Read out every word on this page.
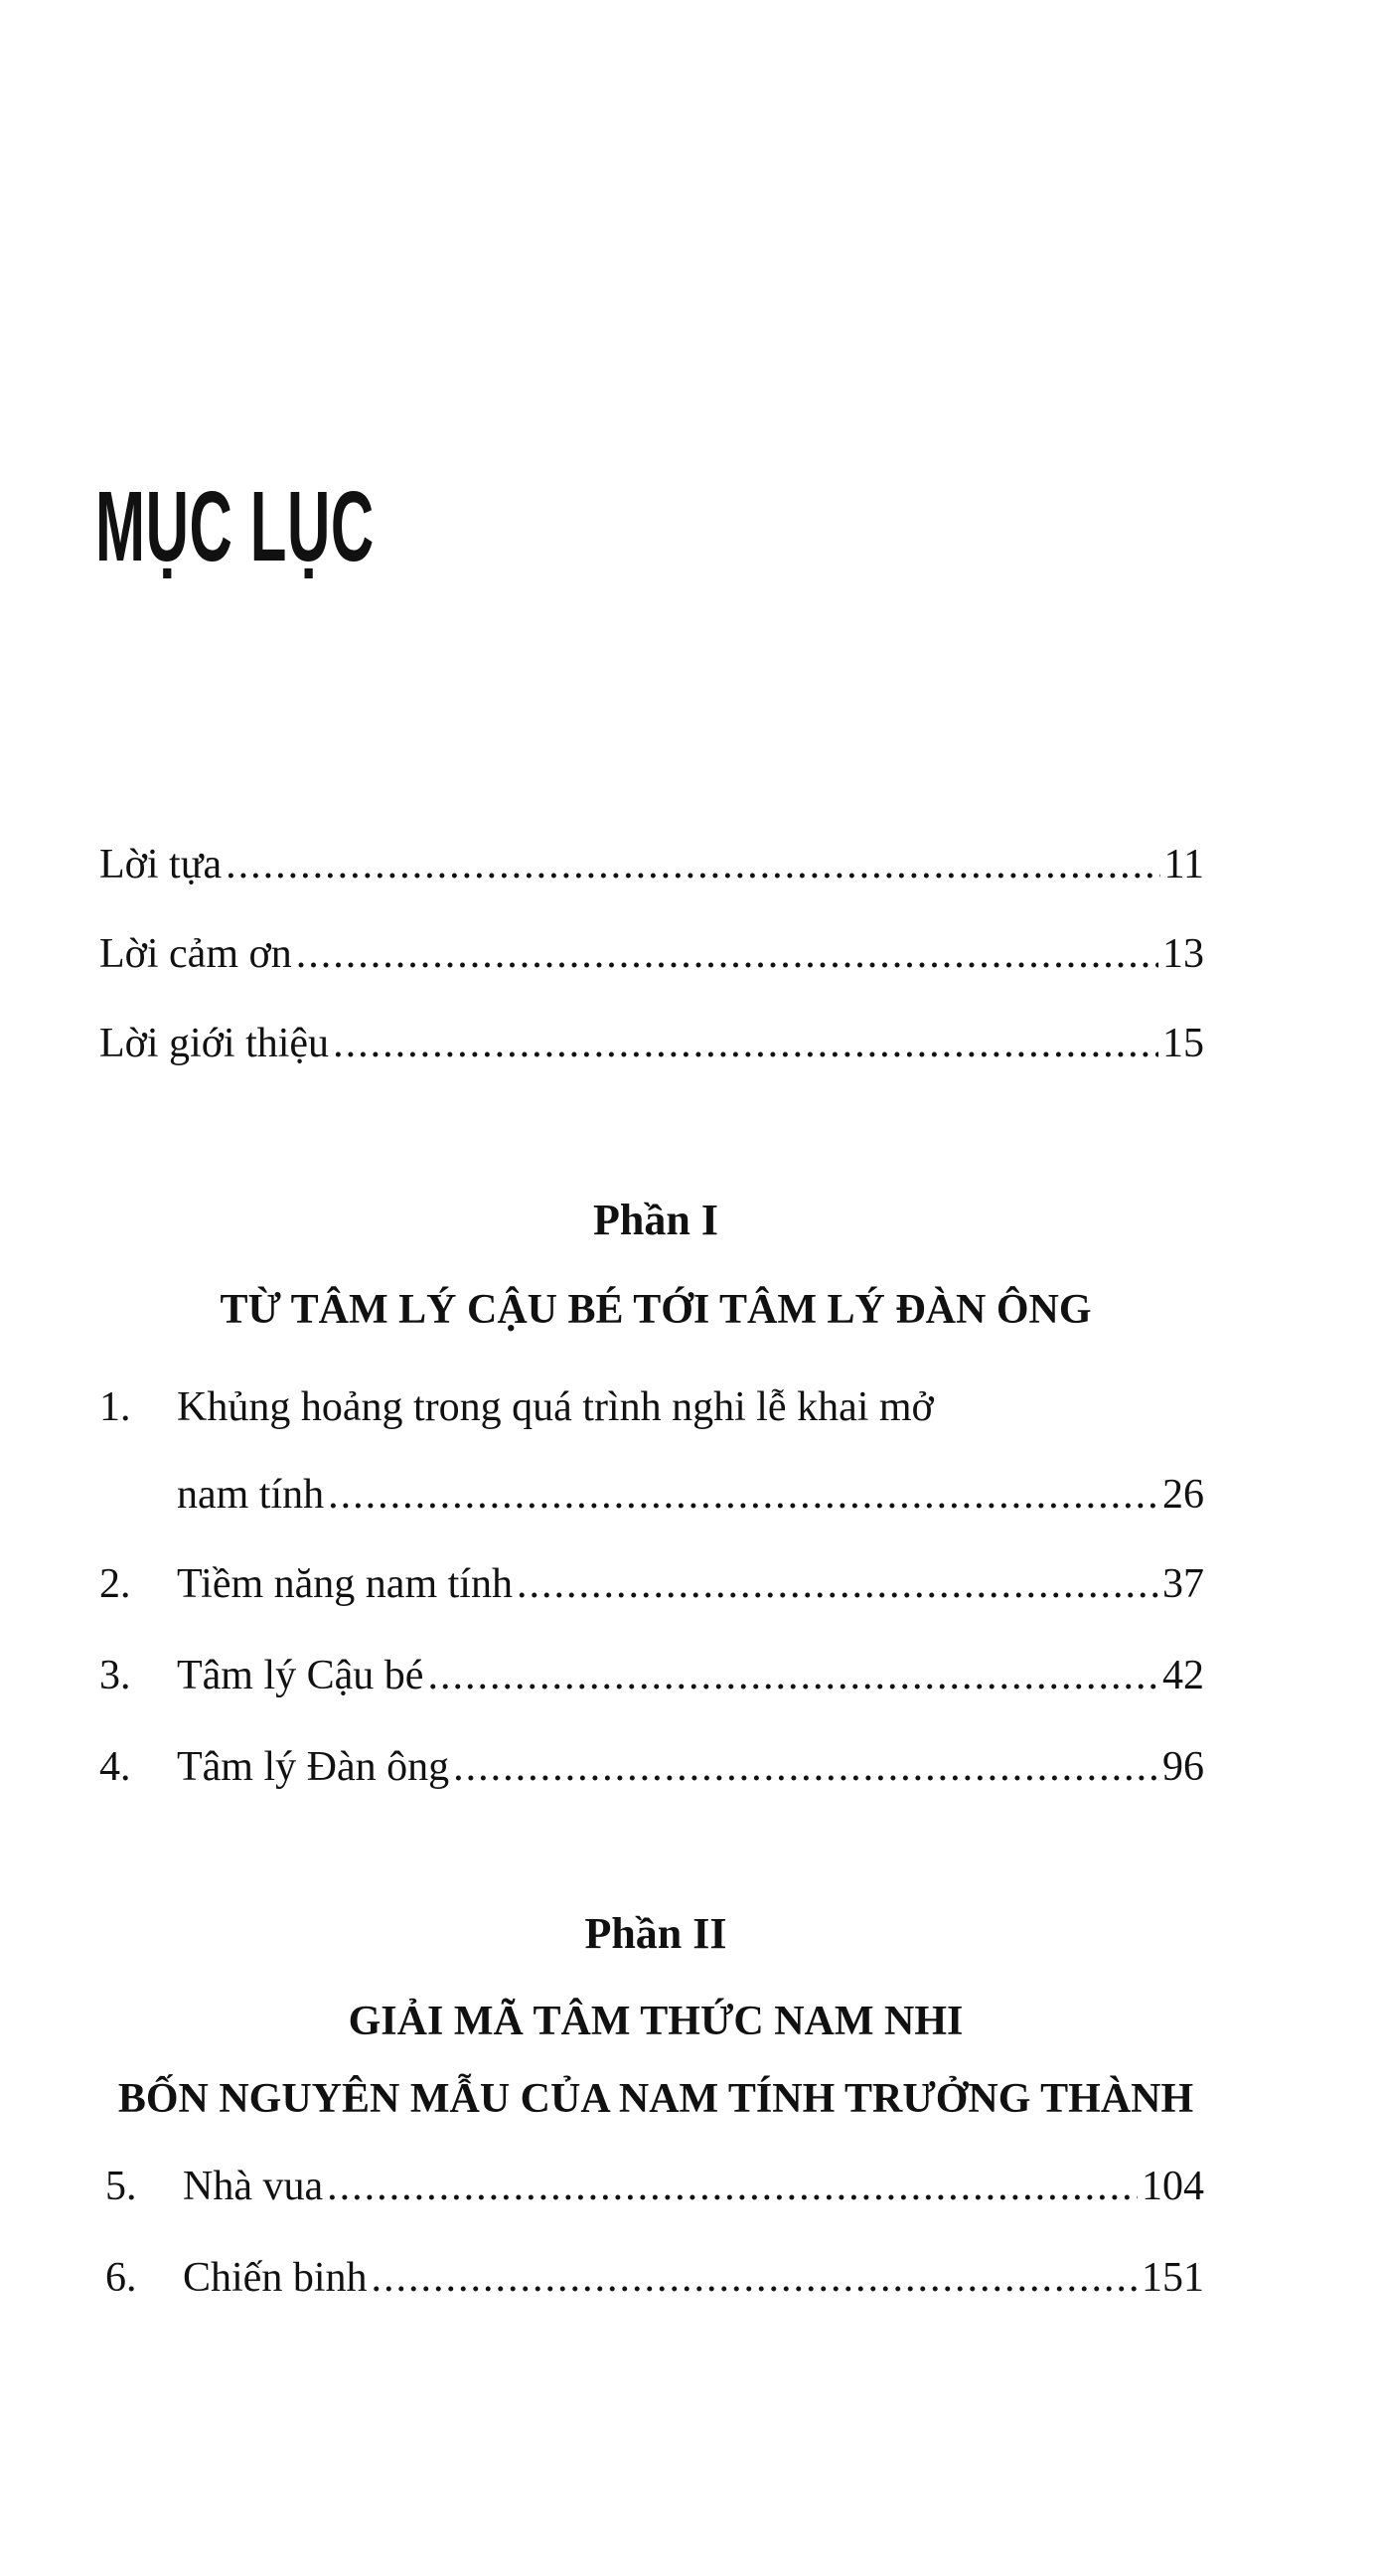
MỤC LỤC
Lời tựa .....	11
Lời cảm ơn .....	13
Lời giới thiệu .....	15
Phần I
TỪ TÂM LÝ CẬU BÉ TỚI TÂM LÝ ĐÀN ÔNG
1. Khủng hoảng trong quá trình nghi lễ khai mở
nam tính .....	26
2. Tiềm năng nam tính .....	37
3. Tâm lý Cậu bé .....	42
4. Tâm lý Đàn ông .....	96
Phần II
GIẢI MÃ TÂM THỨC NAM NHI
BỐN NGUYÊN MẪU CỦA NAM TÍNH TRƯỞNG THÀNH
5. Nhà vua .....	104
6. Chiến binh .....	151
